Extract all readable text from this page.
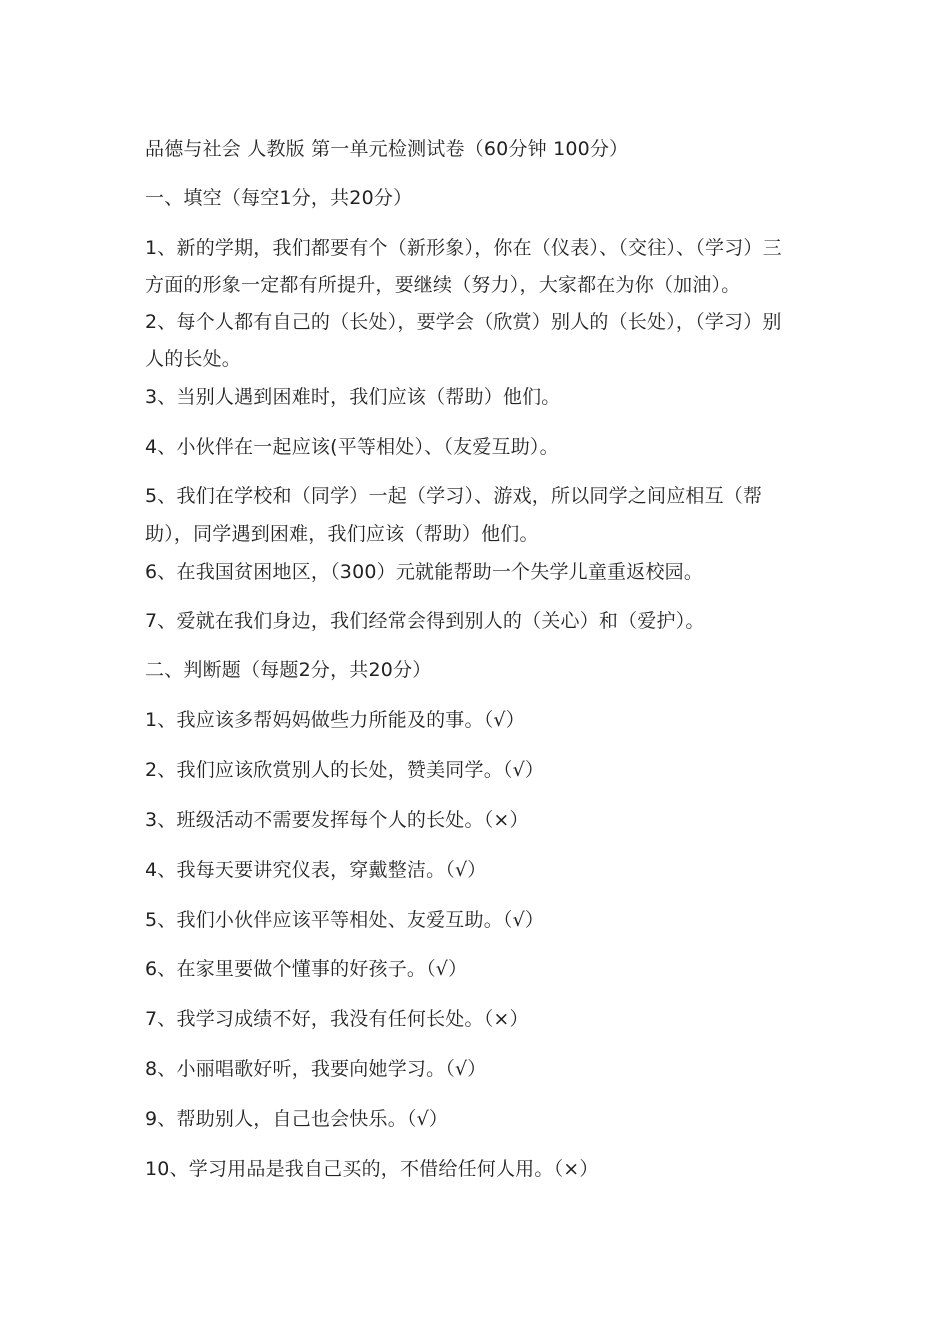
品德与社会 人教版 第一单元检测试卷（60分钟 100分）
一、填空（每空1分，共20分）
1、新的学期，我们都要有个（新形象），你在（仪表）、（交往）、（学习）三
方面的形象一定都有所提升，要继续（努力），大家都在为你（加油）。
2、每个人都有自己的（长处），要学会（欣赏）别人的（长处），（学习）别
人的长处。
3、当别人遇到困难时，我们应该（帮助）他们。
4、小伙伴在一起应该(平等相处）、（友爱互助）。
5、我们在学校和（同学）一起（学习）、游戏，所以同学之间应相互（帮
助），同学遇到困难，我们应该（帮助）他们。
6、在我国贫困地区，（300）元就能帮助一个失学儿童重返校园。
7、爱就在我们身边，我们经常会得到别人的（关心）和（爱护）。
二、判断题（每题2分，共20分）
1、我应该多帮妈妈做些力所能及的事。（√）
2、我们应该欣赏别人的长处，赞美同学。（√）
3、班级活动不需要发挥每个人的长处。（×）
4、我每天要讲究仪表，穿戴整洁。（√）
5、我们小伙伴应该平等相处、友爱互助。（√）
6、在家里要做个懂事的好孩子。（√）
7、我学习成绩不好，我没有任何长处。（×）
8、小丽唱歌好听，我要向她学习。（√）
9、帮助别人，自己也会快乐。（√）
10、学习用品是我自己买的，不借给任何人用。（×）
